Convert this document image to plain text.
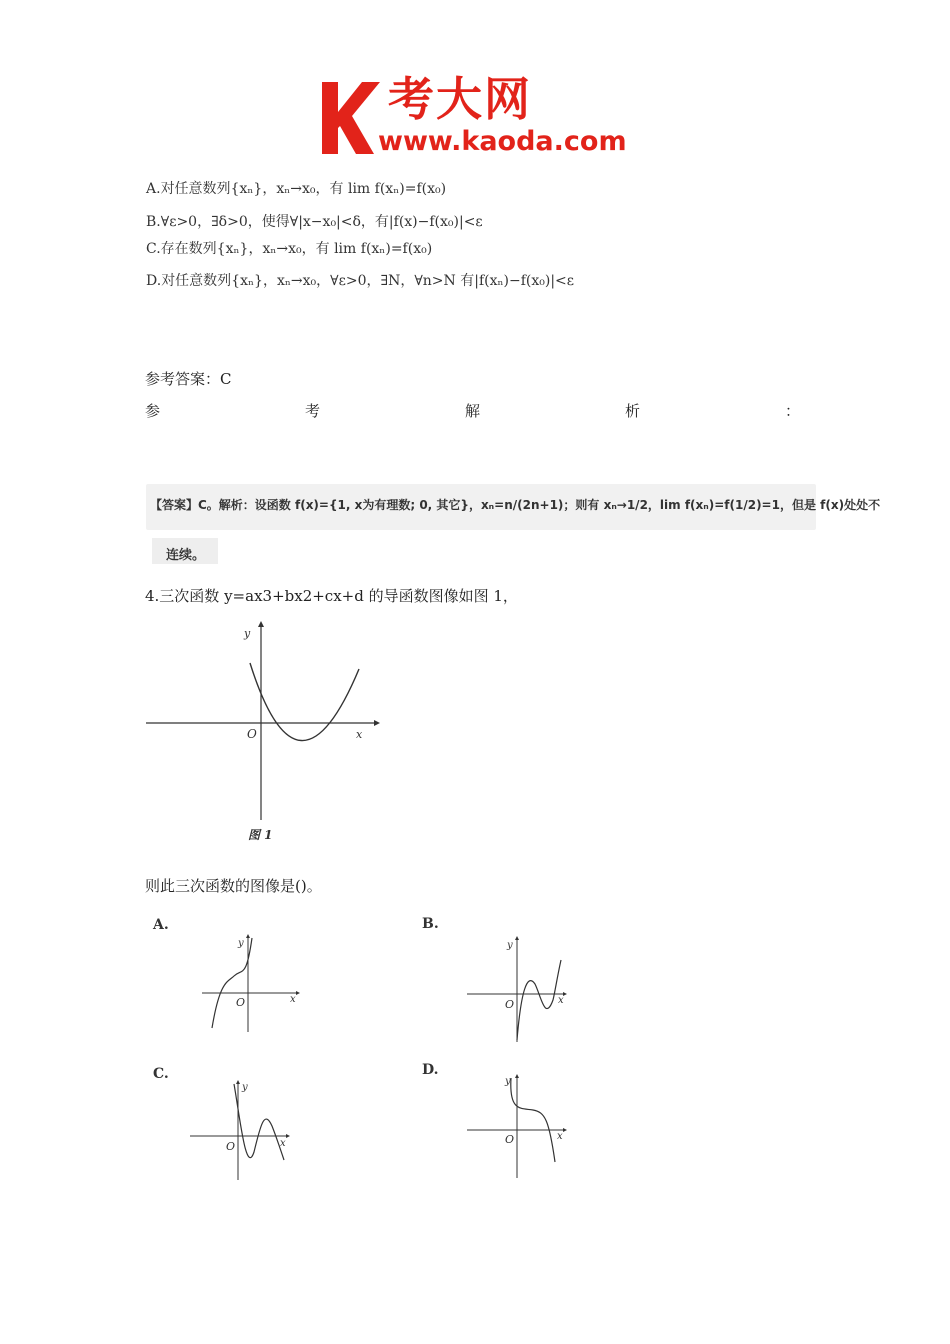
考大网
www.kaoda.com
A.对任意数列{xₙ}，xₙ→x₀，有 lim f(xₙ)=f(x₀)
B.∀ε>0，∃δ>0，使得∀|x−x₀|<δ，有|f(x)−f(x₀)|<ε
C.存在数列{xₙ}，xₙ→x₀，有 lim f(xₙ)=f(x₀)
D.对任意数列{xₙ}，xₙ→x₀，∀ε>0，∃N，∀n>N 有|f(xₙ)−f(x₀)|<ε
参考答案：C
参	考	解	析	：
【答案】C。解析：设函数 f(x)={1, x为有理数; 0, 其它}，xₙ=n/(2n+1)；则有 xₙ→1/2，lim f(xₙ)=f(1/2)=1，但是 f(x)处处不
连续。
4.三次函数 y=ax3+bx2+cx+d 的导函数图像如图 1，
y
x
O
图 1
则此三次函数的图像是()。
A.
y
x
O
B.
y
x
O
C.
y
x
O
D.
y
x
O
